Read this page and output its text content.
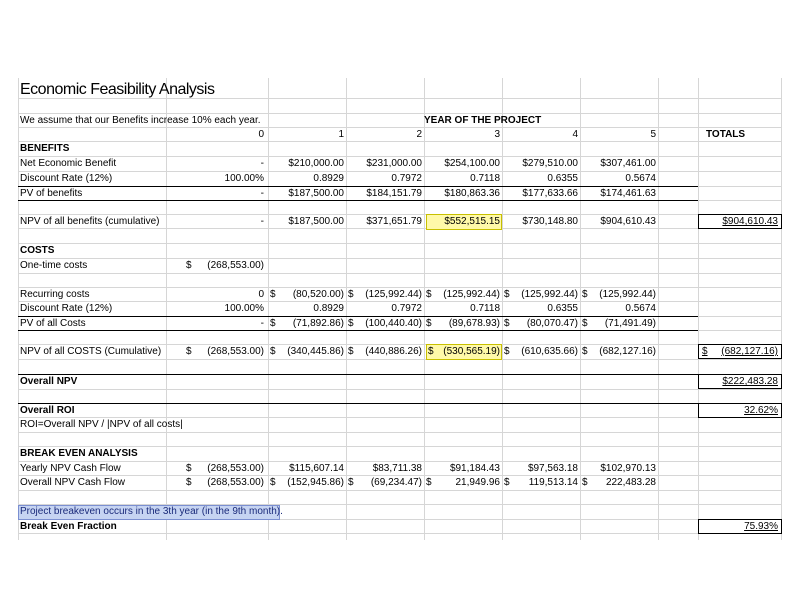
Economic Feasibility Analysis
We assume that our Benefits increase 10% each year.	YEAR OF THE PROJECT
TOTALS
0	1	2	3	4	5
BENEFITS
Net Economic Benefit	-	$210,000.00	$231,000.00	$254,100.00	$279,510.00	$307,461.00
Discount Rate (12%)	100.00%	0.8929	0.7972	0.7118	0.6355	0.5674
PV of benefits	-	$187,500.00	$184,151.79	$180,863.36	$177,633.66	$174,461.63
NPV of all benefits (cumulative)	-	$187,500.00	$371,651.79	$552,515.15	$730,148.80	$904,610.43	$904,610.43
COSTS
One-time costs	$	(268,553.00)
Recurring costs	0 $	(80,520.00) $	(125,992.44) $	(125,992.44) $	(125,992.44) $	(125,992.44)
Discount Rate (12%)	100.00%	0.8929	0.7972	0.7118	0.6355	0.5674
PV of all Costs	- $	(71,892.86) $	(100,440.40) $	(89,678.93) $	(80,070.47) $	(71,491.49)
NPV of all COSTS (Cumulative) $	(268,553.00) $	(340,445.86) $	(440,886.26) $ (530,565.19) $	(610,635.66) $	(682,127.16)	$	(682,127.16)
Overall NPV	$222,483.28
Overall ROI	32.62%
ROI=Overall NPV / |NPV of all costs|
BREAK EVEN ANALYSIS
Yearly NPV Cash Flow	$	(268,553.00)	$115,607.14	$83,711.38	$91,184.43	$97,563.18	$102,970.13
Overall NPV Cash Flow	$	(268,553.00) $	(152,945.86) $	(69,234.47) $	21,949.96 $	119,513.14 $	222,483.28
Project breakeven occurs in the 3th year (in the 9th month).
Break Even Fraction	75.93%
